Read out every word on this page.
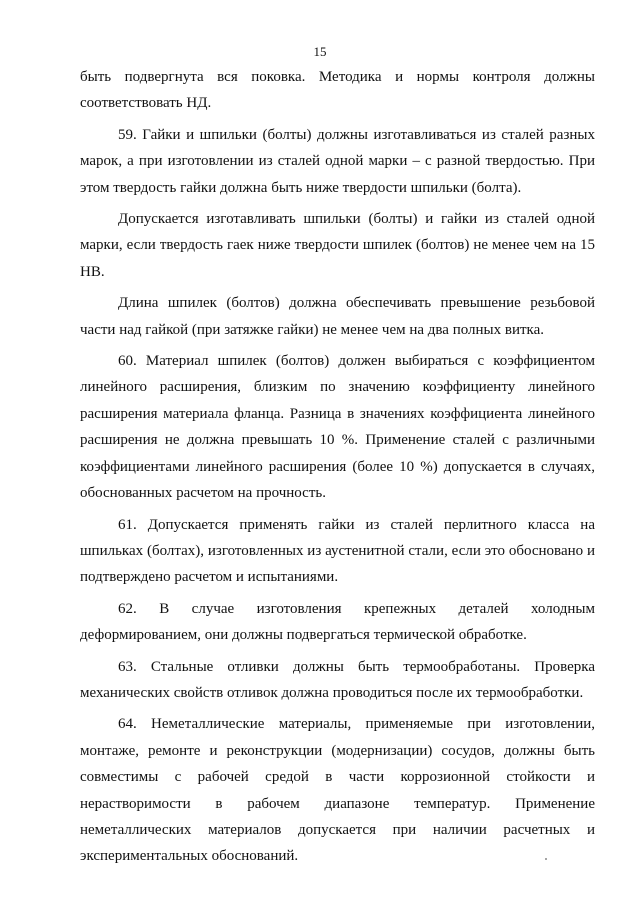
15

быть подвергнута вся поковка. Методика и нормы контроля должны соответствовать НД.

59. Гайки и шпильки (болты) должны изготавливаться из сталей разных марок, а при изготовлении из сталей одной марки – с разной твердостью. При этом твердость гайки должна быть ниже твердости шпильки (болта).

Допускается изготавливать шпильки (болты) и гайки из сталей одной марки, если твердость гаек ниже твердости шпилек (болтов) не менее чем на 15 НВ.

Длина шпилек (болтов) должна обеспечивать превышение резьбовой части над гайкой (при затяжке гайки) не менее чем на два полных витка.

60. Материал шпилек (болтов) должен выбираться с коэффициентом линейного расширения, близким по значению коэффициенту линейного расширения материала фланца. Разница в значениях коэффициента линейного расширения не должна превышать 10 %. Применение сталей с различными коэффициентами линейного расширения (более 10 %) допускается в случаях, обоснованных расчетом на прочность.

61. Допускается применять гайки из сталей перлитного класса на шпильках (болтах), изготовленных из аустенитной стали, если это обосновано и подтверждено расчетом и испытаниями.

62. В случае изготовления крепежных деталей холодным деформированием, они должны подвергаться термической обработке.

63. Стальные отливки должны быть термообработаны. Проверка механических свойств отливок должна проводиться после их термообработки.

64. Неметаллические материалы, применяемые при изготовлении, монтаже, ремонте и реконструкции (модернизации) сосудов, должны быть совместимы с рабочей средой в части коррозионной стойкости и нерастворимости в рабочем диапазоне температур. Применение неметаллических материалов допускается при наличии расчетных и экспериментальных обоснований.
